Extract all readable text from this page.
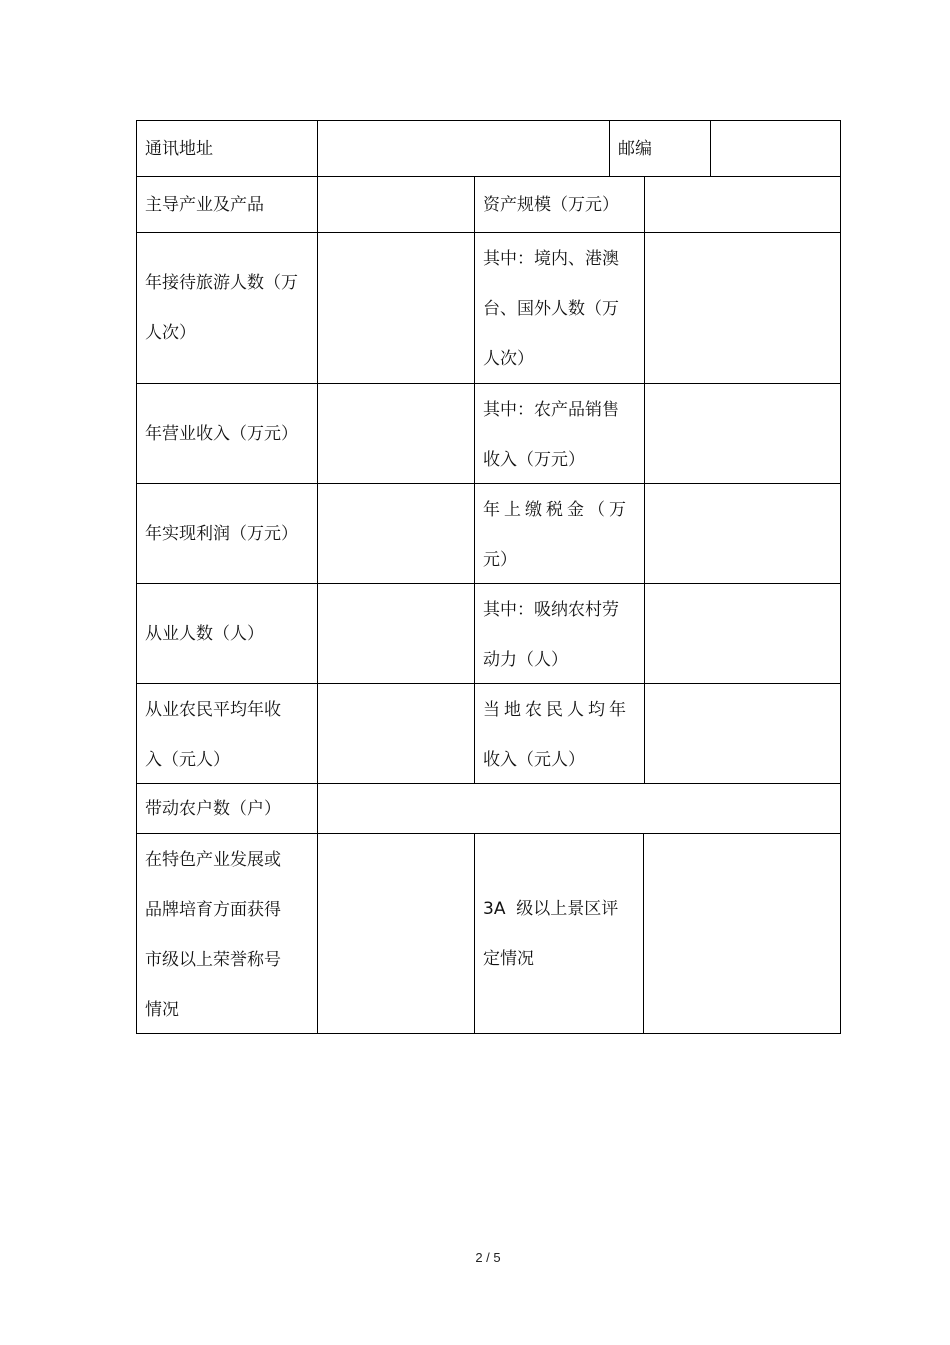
通讯地址	邮编
主导产业及产品	资产规模（万元）
年接待旅游人数（万
人次）
其中：境内、港澳
台、国外人数（万
人次）
年营业收入（万元）
其中：农产品销售
收入（万元）
年实现利润（万元）
年上缴税金（万
元）
从业人数（人）
其中：吸纳农村劳
动力（人）
从业农民平均年收
入（元人）
当地农民人均年
收入（元人）
带动农户数（户）
在特色产业发展或
品牌培育方面获得
市级以上荣誉称号
情况
3A  级以上景区评
定情况
2 / 5
